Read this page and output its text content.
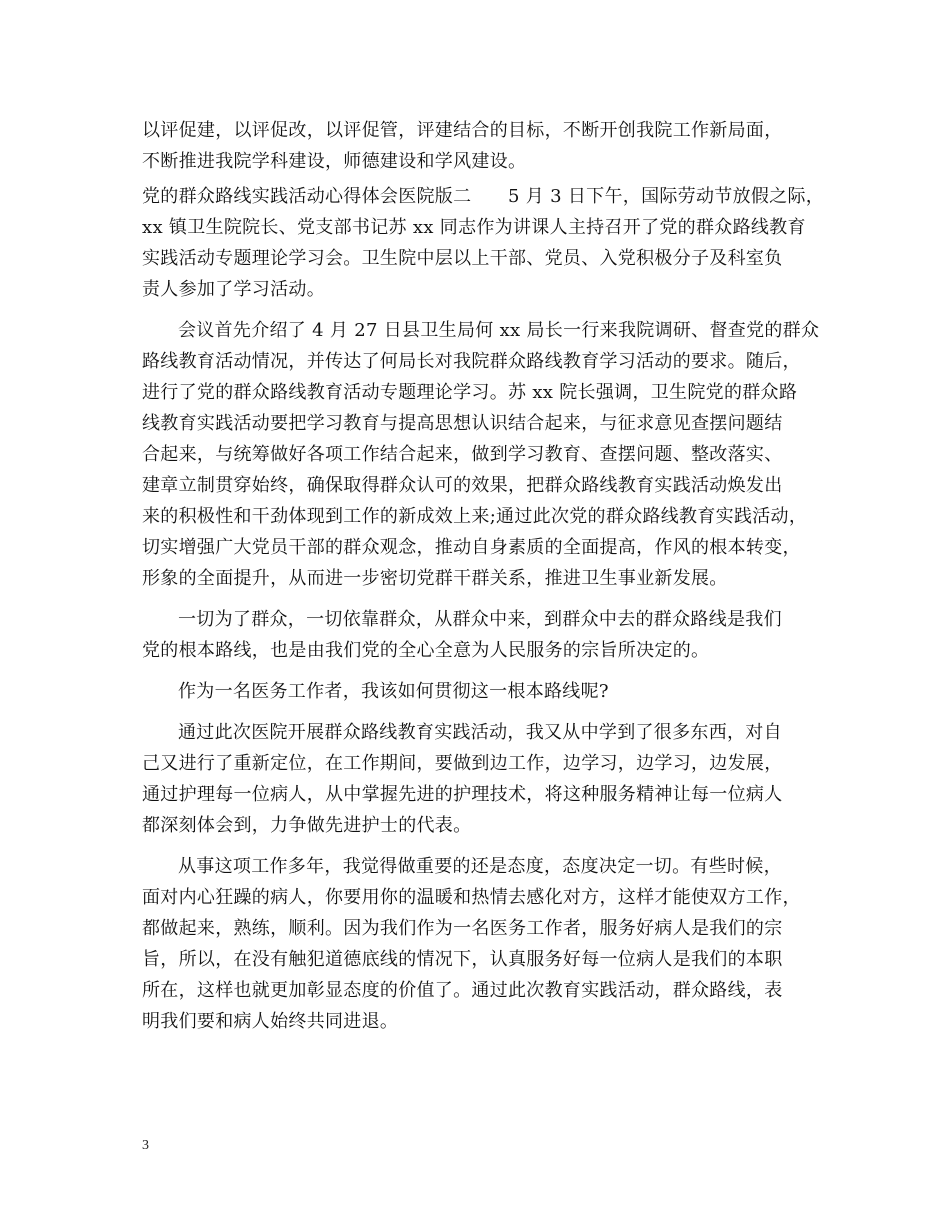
以评促建，以评促改，以评促管，评建结合的目标，不断开创我院工作新局面，
不断推进我院学科建设，师德建设和学风建设。
党的群众路线实践活动心得体会医院版二　　5 月 3 日下午，国际劳动节放假之际，
xx 镇卫生院院长、党支部书记苏 xx 同志作为讲课人主持召开了党的群众路线教育
实践活动专题理论学习会。卫生院中层以上干部、党员、入党积极分子及科室负
责人参加了学习活动。
会议首先介绍了 4 月 27 日县卫生局何 xx 局长一行来我院调研、督查党的群众
路线教育活动情况，并传达了何局长对我院群众路线教育学习活动的要求。随后，
进行了党的群众路线教育活动专题理论学习。苏 xx 院长强调，卫生院党的群众路
线教育实践活动要把学习教育与提高思想认识结合起来，与征求意见查摆问题结
合起来，与统筹做好各项工作结合起来，做到学习教育、查摆问题、整改落实、
建章立制贯穿始终，确保取得群众认可的效果，把群众路线教育实践活动焕发出
来的积极性和干劲体现到工作的新成效上来;通过此次党的群众路线教育实践活动，
切实增强广大党员干部的群众观念，推动自身素质的全面提高，作风的根本转变，
形象的全面提升，从而进一步密切党群干群关系，推进卫生事业新发展。
一切为了群众，一切依靠群众，从群众中来，到群众中去的群众路线是我们
党的根本路线，也是由我们党的全心全意为人民服务的宗旨所决定的。
作为一名医务工作者，我该如何贯彻这一根本路线呢?
通过此次医院开展群众路线教育实践活动，我又从中学到了很多东西，对自
己又进行了重新定位，在工作期间，要做到边工作，边学习，边学习，边发展，
通过护理每一位病人，从中掌握先进的护理技术，将这种服务精神让每一位病人
都深刻体会到，力争做先进护士的代表。
从事这项工作多年，我觉得做重要的还是态度，态度决定一切。有些时候，
面对内心狂躁的病人，你要用你的温暖和热情去感化对方，这样才能使双方工作，
都做起来，熟练，顺利。因为我们作为一名医务工作者，服务好病人是我们的宗
旨，所以，在没有触犯道德底线的情况下，认真服务好每一位病人是我们的本职
所在，这样也就更加彰显态度的价值了。通过此次教育实践活动，群众路线，表
明我们要和病人始终共同进退。
3
